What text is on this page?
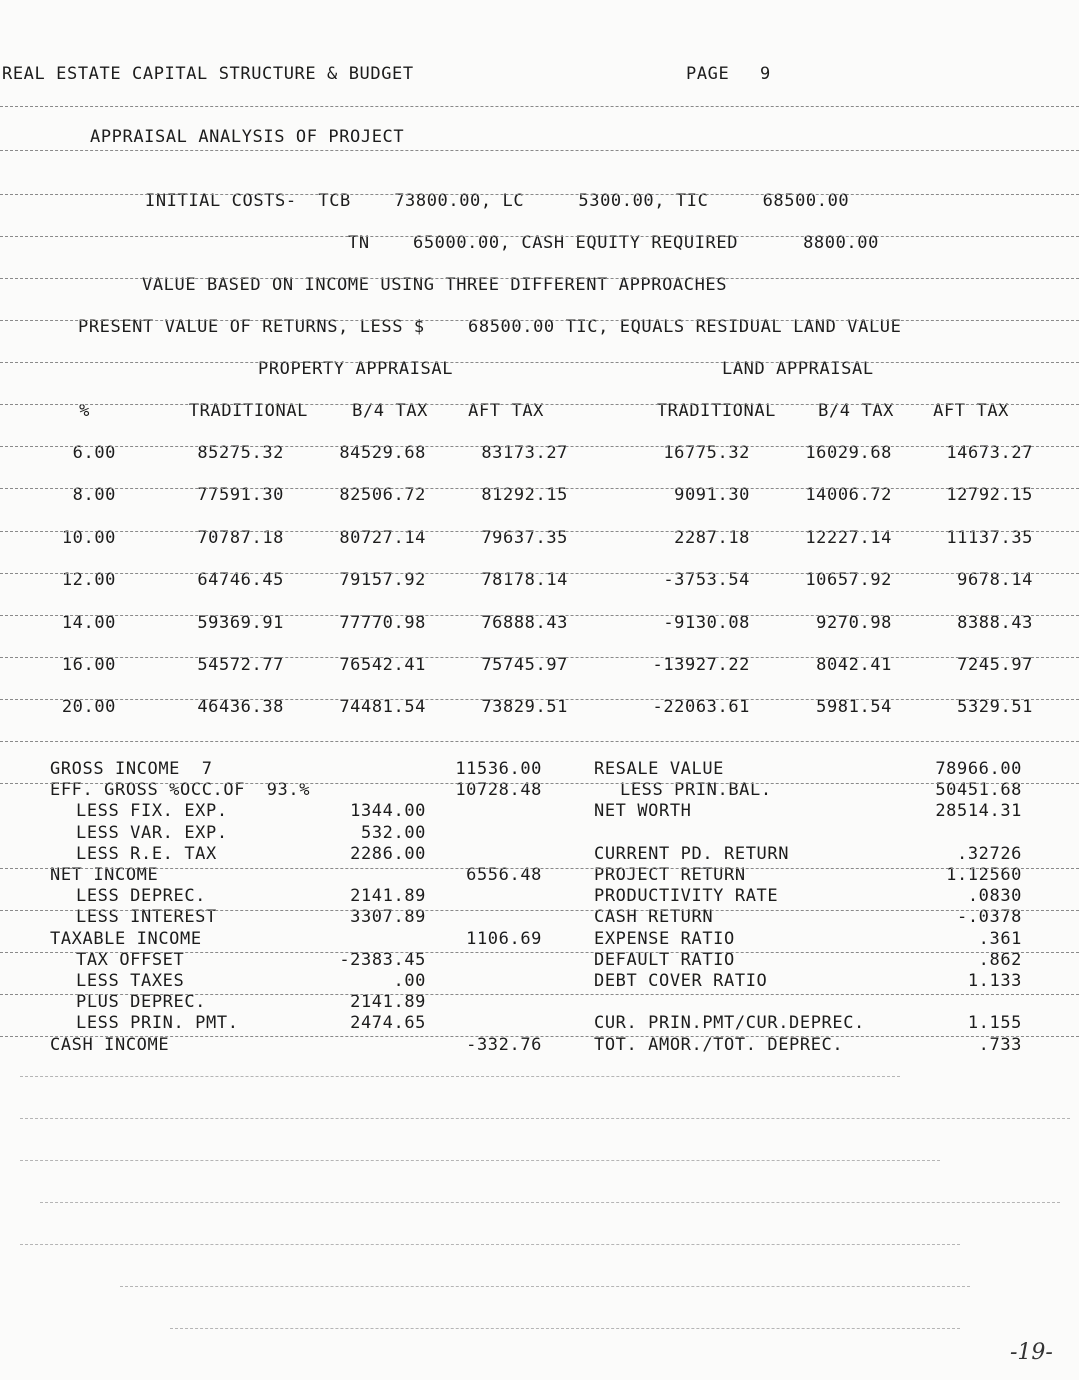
REAL ESTATE CAPITAL STRUCTURE & BUDGET	PAGE 9
APPRAISAL ANALYSIS OF PROJECT
INITIAL COSTS-  TCB    73800.00, LC     5300.00, TIC     68500.00
TN    65000.00, CASH EQUITY REQUIRED      8800.00
VALUE BASED ON INCOME USING THREE DIFFERENT APPROACHES
PRESENT VALUE OF RETURNS, LESS $    68500.00 TIC, EQUALS RESIDUAL LAND VALUE
PROPERTY APPRAISAL	LAND APPRAISAL
%	TRADITIONAL	B/4 TAX	AFT TAX	TRADITIONAL	B/4 TAX	AFT TAX
6.00	85275.32	84529.68	83173.27	16775.32	16029.68	14673.27
8.00	77591.30	82506.72	81292.15	9091.30	14006.72	12792.15
10.00	70787.18	80727.14	79637.35	2287.18	12227.14	11137.35
12.00	64746.45	79157.92	78178.14	-3753.54	10657.92	9678.14
14.00	59369.91	77770.98	76888.43	-9130.08	9270.98	8388.43
16.00	54572.77	76542.41	75745.97	-13927.22	8042.41	7245.97
20.00	46436.38	74481.54	73829.51	-22063.61	5981.54	5329.51
GROSS INCOME  7	11536.00
EFF. GROSS %OCC.OF  93.%	10728.48
LESS FIX. EXP.	1344.00
LESS VAR. EXP.	532.00
LESS R.E. TAX	2286.00
NET INCOME	6556.48
LESS DEPREC.	2141.89
LESS INTEREST	3307.89
TAXABLE INCOME	1106.69
TAX OFFSET	-2383.45
LESS TAXES	.00
PLUS DEPREC.	2141.89
LESS PRIN. PMT.	2474.65
CASH INCOME	-332.76
RESALE VALUE	78966.00
LESS PRIN.BAL.	50451.68
NET WORTH	28514.31
CURRENT PD. RETURN	.32726
PROJECT RETURN	1.12560
PRODUCTIVITY RATE	.0830
CASH RETURN	-.0378
EXPENSE RATIO	.361
DEFAULT RATIO	.862
DEBT COVER RATIO	1.133
CUR. PRIN.PMT/CUR.DEPREC.	1.155
TOT. AMOR./TOT. DEPREC.	.733
-19-
